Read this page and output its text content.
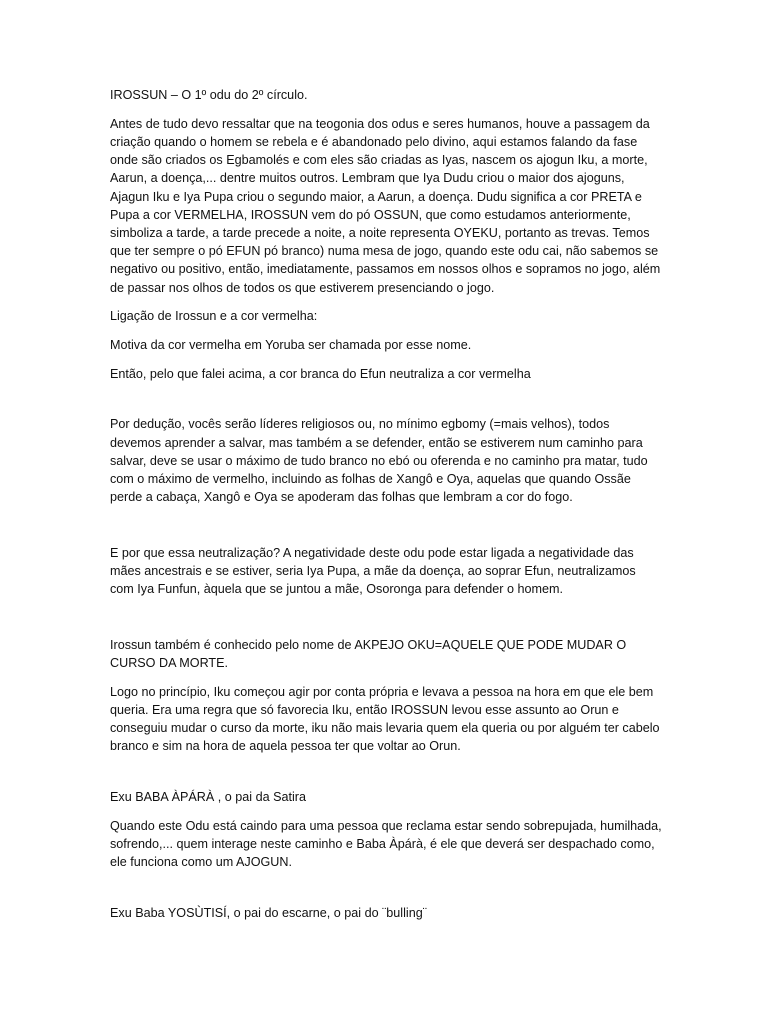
IROSSUN – O 1º odu do 2º círculo.

Antes de tudo devo ressaltar que na teogonia dos odus e seres humanos, houve a passagem da criação quando o homem se rebela e é abandonado pelo divino, aqui estamos falando da fase onde são criados os Egbamolés e com eles são criadas as Iyas, nascem os ajogun Iku, a morte, Aarun, a doença,... dentre muitos outros. Lembram que Iya Dudu criou o maior dos ajoguns, Ajagun Iku e Iya Pupa criou o segundo maior, a Aarun, a doença. Dudu significa a cor PRETA e Pupa a cor VERMELHA, IROSSUN vem do pó OSSUN, que como estudamos anteriormente, simboliza a tarde, a tarde precede a noite, a noite representa OYEKU, portanto as trevas. Temos que ter sempre o pó EFUN pó branco) numa mesa de jogo, quando este odu cai, não sabemos se negativo ou positivo, então, imediatamente, passamos em nossos olhos e sopramos no jogo, além de passar nos olhos de todos os que estiverem presenciando o jogo.

Ligação de Irossun e a cor vermelha:

Motiva da cor vermelha em Yoruba ser chamada por esse nome.

Então, pelo que falei acima, a cor branca do Efun neutraliza a cor vermelha

Por dedução, vocês serão líderes religiosos ou, no mínimo egbomy (=mais velhos), todos devemos aprender a salvar, mas também a se defender, então se estiverem num caminho para salvar, deve se usar o máximo de tudo branco no ebó ou oferenda e no caminho pra matar, tudo com o máximo de vermelho, incluindo as folhas de Xangô e Oya, aquelas que quando Ossãe perde a cabaça, Xangô e Oya se apoderam das folhas que lembram a cor do fogo.

E por que essa neutralização? A negatividade deste odu pode estar ligada a negatividade das mães ancestrais e se estiver, seria Iya Pupa, a mãe da doença, ao soprar Efun, neutralizamos com Iya Funfun, àquela que se juntou a mãe, Osoronga para defender o homem.

Irossun também é conhecido pelo nome de AKPEJO OKU=AQUELE QUE PODE MUDAR O CURSO DA MORTE.

Logo no princípio, Iku começou agir por conta própria e levava a pessoa na hora em que ele bem queria. Era uma regra que só favorecia Iku, então IROSSUN levou esse assunto ao Orun e conseguiu mudar o curso da morte, iku não mais levaria quem ela queria ou por alguém ter cabelo branco e sim na hora de aquela pessoa ter que voltar ao Orun.

Exu BABA ÀPÁRÀ , o pai da Satira

Quando este Odu está caindo para uma pessoa que reclama estar sendo sobrepujada, humilhada, sofrendo,... quem interage neste caminho e Baba Àpárà, é ele que deverá ser despachado como, ele funciona como um AJOGUN.

Exu Baba YOSÙTISÍ, o pai do escarne, o pai do ¨bulling¨
